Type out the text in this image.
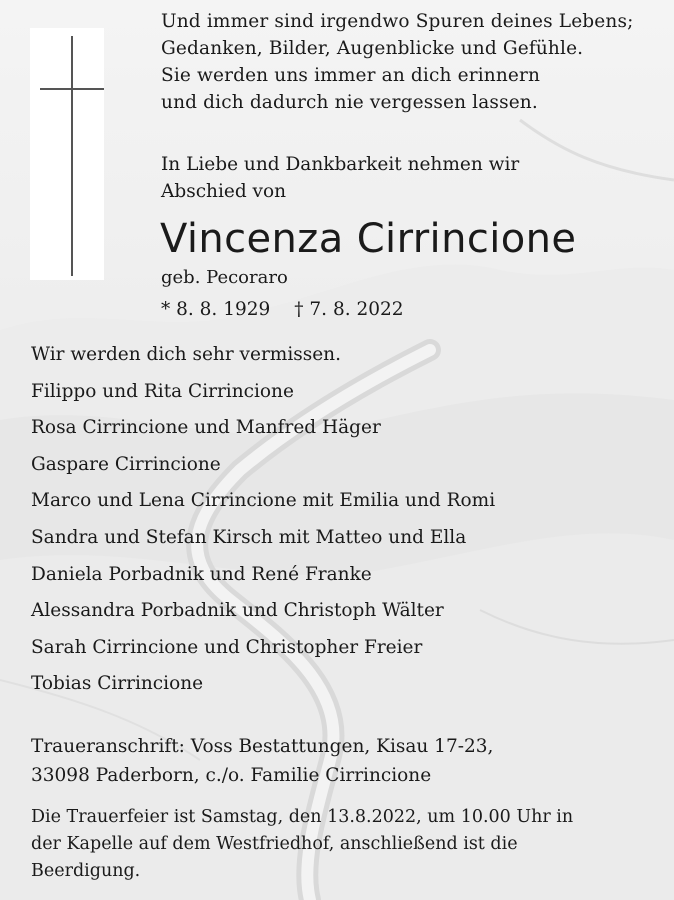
Und immer sind irgendwo Spuren deines Lebens;
Gedanken, Bilder, Augenblicke und Gefühle.
Sie werden uns immer an dich erinnern
und dich dadurch nie vergessen lassen.
In Liebe und Dankbarkeit nehmen wir
Abschied von
Vincenza Cirrincione
geb. Pecoraro
* 8. 8. 1929 † 7. 8. 2022
Wir werden dich sehr vermissen.
Filippo und Rita Cirrincione
Rosa Cirrincione und Manfred Häger
Gaspare Cirrincione
Marco und Lena Cirrincione mit Emilia und Romi
Sandra und Stefan Kirsch mit Matteo und Ella
Daniela Porbadnik und René Franke
Alessandra Porbadnik und Christoph Wälter
Sarah Cirrincione und Christopher Freier
Tobias Cirrincione
Traueranschrift: Voss Bestattungen, Kisau 17-23,
33098 Paderborn, c./o. Familie Cirrincione
Die Trauerfeier ist Samstag, den 13.8.2022, um 10.00 Uhr in
der Kapelle auf dem Westfriedhof, anschließend ist die
Beerdigung.
